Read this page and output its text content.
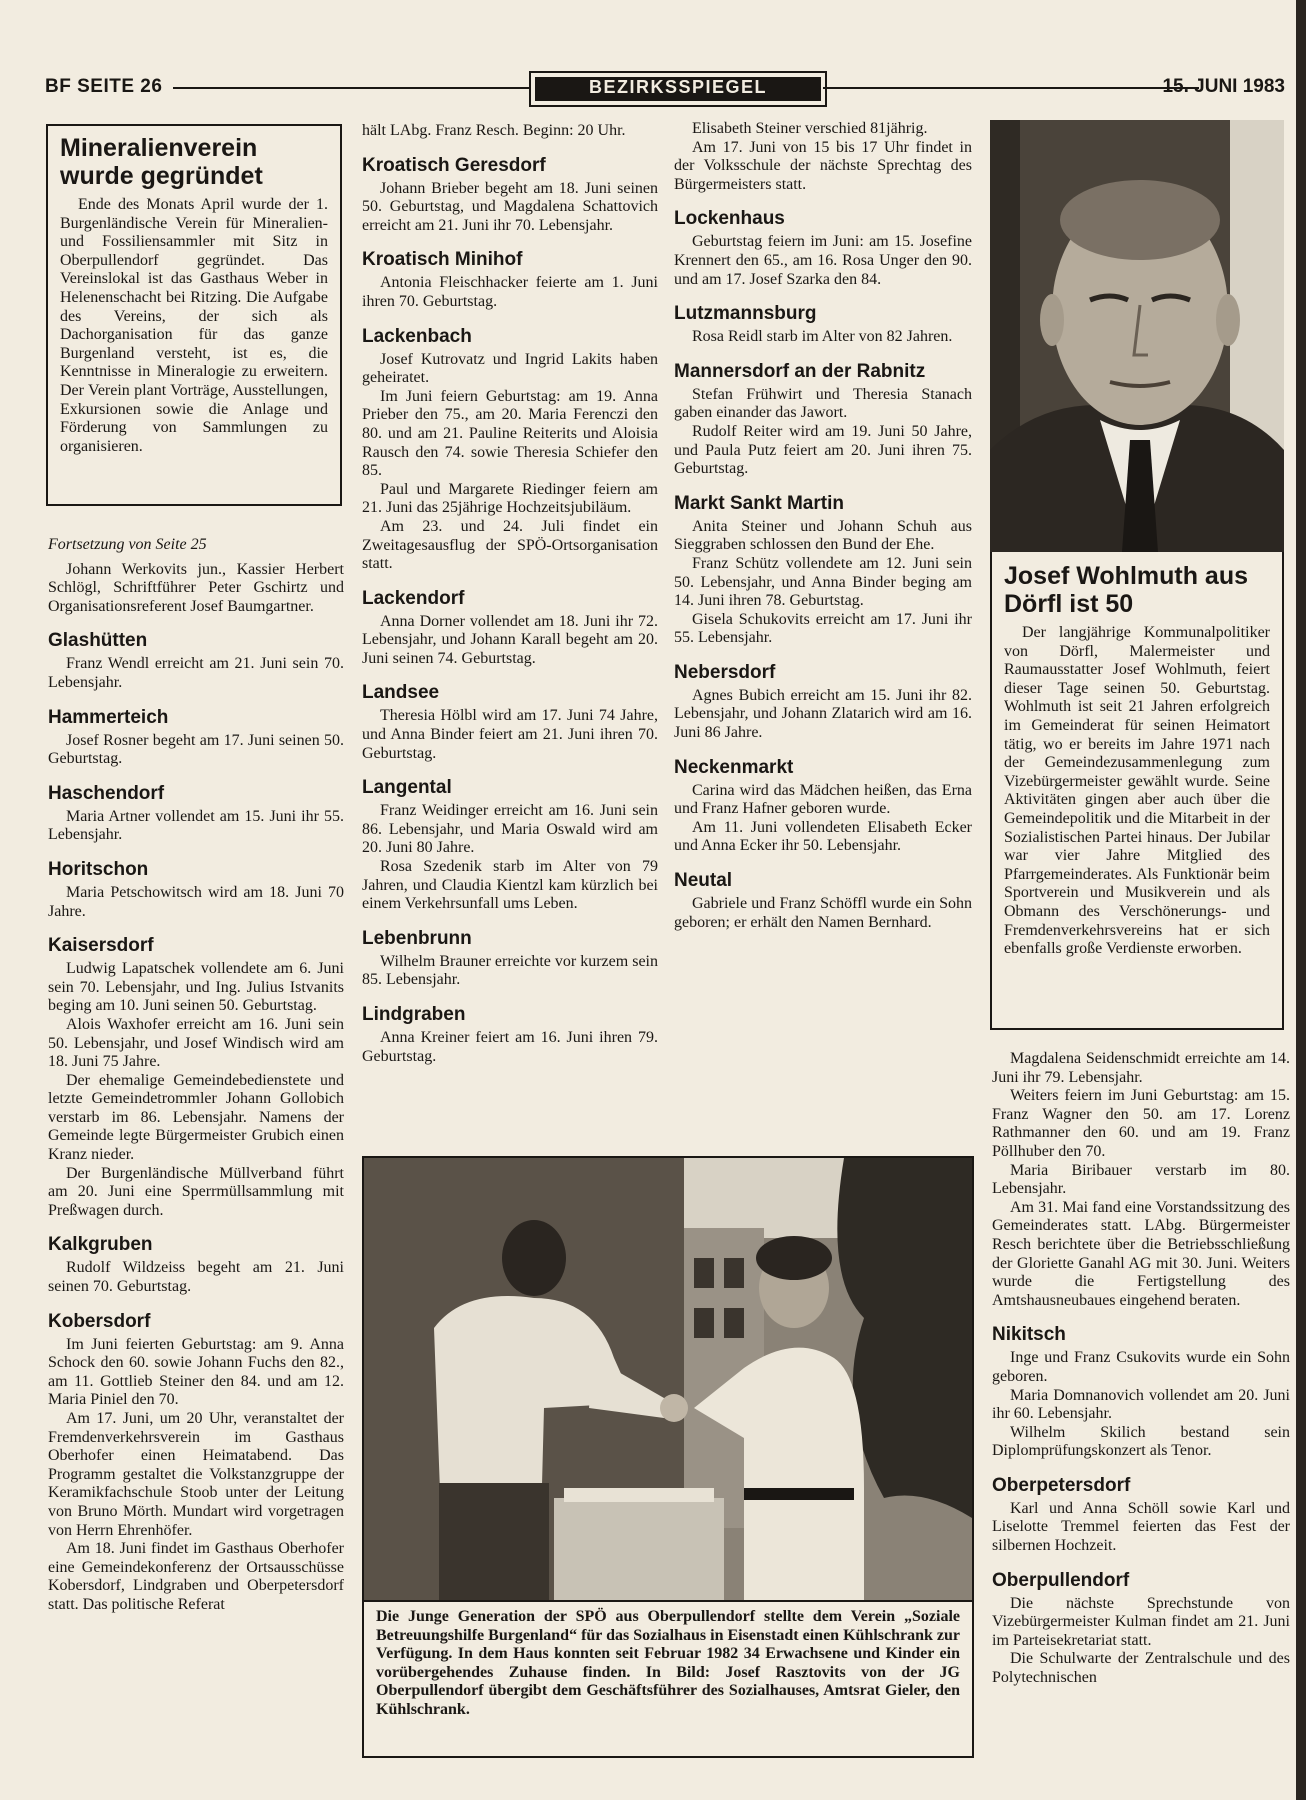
BF SEITE 26	BEZIRKSSPIEGEL	15. JUNI 1983
Mineralienverein wurde gegründet

Ende des Monats April wurde der 1. Burgenländische Verein für Mineralien- und Fossiliensammler mit Sitz in Oberpullendorf gegründet. Das Vereinslokal ist das Gasthaus Weber in Helenenschacht bei Ritzing. Die Aufgabe des Vereins, der sich als Dachorganisation für das ganze Burgenland versteht, ist es, die Kenntnisse in Mineralogie zu erweitern. Der Verein plant Vorträge, Ausstellungen, Exkursionen sowie die Anlage und Förderung von Sammlungen zu organisieren.

Fortsetzung von Seite 25

Johann Werkovits jun., Kassier Herbert Schlögl, Schriftführer Peter Gschirtz und Organisationsreferent Josef Baumgartner.

Glashütten

Franz Wendl erreicht am 21. Juni sein 70. Lebensjahr.

Hammerteich

Josef Rosner begeht am 17. Juni seinen 50. Geburtstag.

Haschendorf

Maria Artner vollendet am 15. Juni ihr 55. Lebensjahr.

Horitschon

Maria Petschowitsch wird am 18. Juni 70 Jahre.

Kaisersdorf

Ludwig Lapatschek vollendete am 6. Juni sein 70. Lebensjahr, und Ing. Julius Istvanits beging am 10. Juni seinen 50. Geburtstag.

Alois Waxhofer erreicht am 16. Juni sein 50. Lebensjahr, und Josef Windisch wird am 18. Juni 75 Jahre.

Der ehemalige Gemeindebedienstete und letzte Gemeindetrommler Johann Gollobich verstarb im 86. Lebensjahr. Namens der Gemeinde legte Bürgermeister Grubich einen Kranz nieder.

Der Burgenländische Müllverband führt am 20. Juni eine Sperrmüllsammlung mit Preßwagen durch.

Kalkgruben

Rudolf Wildzeiss begeht am 21. Juni seinen 70. Geburtstag.

Kobersdorf

Im Juni feierten Geburtstag: am 9. Anna Schock den 60. sowie Johann Fuchs den 82., am 11. Gottlieb Steiner den 84. und am 12. Maria Piniel den 70.

Am 17. Juni, um 20 Uhr, veranstaltet der Fremdenverkehrsverein im Gasthaus Oberhofer einen Heimatabend. Das Programm gestaltet die Volkstanzgruppe der Keramikfachschule Stoob unter der Leitung von Bruno Mörth. Mundart wird vorgetragen von Herrn Ehrenhöfer.

Am 18. Juni findet im Gasthaus Oberhofer eine Gemeindekonferenz der Ortsausschüsse Kobersdorf, Lindgraben und Oberpetersdorf statt. Das politische Referat

hält LAbg. Franz Resch. Beginn: 20 Uhr.

Kroatisch Geresdorf

Johann Brieber begeht am 18. Juni seinen 50. Geburtstag, und Magdalena Schattovich erreicht am 21. Juni ihr 70. Lebensjahr.

Kroatisch Minihof

Antonia Fleischhacker feierte am 1. Juni ihren 70. Geburtstag.

Lackenbach

Josef Kutrovatz und Ingrid Lakits haben geheiratet.

Im Juni feiern Geburtstag: am 19. Anna Prieber den 75., am 20. Maria Ferenczi den 80. und am 21. Pauline Reiterits und Aloisia Rausch den 74. sowie Theresia Schiefer den 85.

Paul und Margarete Riedinger feiern am 21. Juni das 25jährige Hochzeitsjubiläum.

Am 23. und 24. Juli findet ein Zweitagesausflug der SPÖ-Ortsorganisation statt.

Lackendorf

Anna Dorner vollendet am 18. Juni ihr 72. Lebensjahr, und Johann Karall begeht am 20. Juni seinen 74. Geburtstag.

Landsee

Theresia Hölbl wird am 17. Juni 74 Jahre, und Anna Binder feiert am 21. Juni ihren 70. Geburtstag.

Langental

Franz Weidinger erreicht am 16. Juni sein 86. Lebensjahr, und Maria Oswald wird am 20. Juni 80 Jahre.

Rosa Szedenik starb im Alter von 79 Jahren, und Claudia Kientzl kam kürzlich bei einem Verkehrsunfall ums Leben.

Lebenbrunn

Wilhelm Brauner erreichte vor kurzem sein 85. Lebensjahr.

Lindgraben

Anna Kreiner feiert am 16. Juni ihren 79. Geburtstag.

Elisabeth Steiner verschied 81jährig.

Am 17. Juni von 15 bis 17 Uhr findet in der Volksschule der nächste Sprechtag des Bürgermeisters statt.

Lockenhaus

Geburtstag feiern im Juni: am 15. Josefine Krennert den 65., am 16. Rosa Unger den 90. und am 17. Josef Szarka den 84.

Lutzmannsburg

Rosa Reidl starb im Alter von 82 Jahren.

Mannersdorf an der Rabnitz

Stefan Frühwirt und Theresia Stanach gaben einander das Jawort.

Rudolf Reiter wird am 19. Juni 50 Jahre, und Paula Putz feiert am 20. Juni ihren 75. Geburtstag.

Markt Sankt Martin

Anita Steiner und Johann Schuh aus Sieggraben schlossen den Bund der Ehe.

Franz Schütz vollendete am 12. Juni sein 50. Lebensjahr, und Anna Binder beging am 14. Juni ihren 78. Geburtstag.

Gisela Schukovits erreicht am 17. Juni ihr 55. Lebensjahr.

Nebersdorf

Agnes Bubich erreicht am 15. Juni ihr 82. Lebensjahr, und Johann Zlatarich wird am 16. Juni 86 Jahre.

Neckenmarkt

Carina wird das Mädchen heißen, das Erna und Franz Hafner geboren wurde.

Am 11. Juni vollendeten Elisabeth Ecker und Anna Ecker ihr 50. Lebensjahr.

Neutal

Gabriele und Franz Schöffl wurde ein Sohn geboren; er erhält den Namen Bernhard.

Josef Wohlmuth aus Dörfl ist 50

Der langjährige Kommunalpolitiker von Dörfl, Malermeister und Raumausstatter Josef Wohlmuth, feiert dieser Tage seinen 50. Geburtstag. Wohlmuth ist seit 21 Jahren erfolgreich im Gemeinderat für seinen Heimatort tätig, wo er bereits im Jahre 1971 nach der Gemeindezusammenlegung zum Vizebürgermeister gewählt wurde. Seine Aktivitäten gingen aber auch über die Gemeindepolitik und die Mitarbeit in der Sozialistischen Partei hinaus. Der Jubilar war vier Jahre Mitglied des Pfarrgemeinderates. Als Funktionär beim Sportverein und Musikverein und als Obmann des Verschönerungs- und Fremdenverkehrsvereins hat er sich ebenfalls große Verdienste erworben.

Magdalena Seidenschmidt erreichte am 14. Juni ihr 79. Lebensjahr.

Weiters feiern im Juni Geburtstag: am 15. Franz Wagner den 50. am 17. Lorenz Rathmanner den 60. und am 19. Franz Pöllhuber den 70.

Maria Biribauer verstarb im 80. Lebensjahr.

Am 31. Mai fand eine Vorstandssitzung des Gemeinderates statt. LAbg. Bürgermeister Resch berichtete über die Betriebsschließung der Gloriette Ganahl AG mit 30. Juni. Weiters wurde die Fertigstellung des Amtshausneubaues eingehend beraten.

Nikitsch

Inge und Franz Csukovits wurde ein Sohn geboren.

Maria Domnanovich vollendet am 20. Juni ihr 60. Lebensjahr.

Wilhelm Skilich bestand sein Diplomprüfungskonzert als Tenor.

Oberpetersdorf

Karl und Anna Schöll sowie Karl und Liselotte Tremmel feierten das Fest der silbernen Hochzeit.

Oberpullendorf

Die nächste Sprechstunde von Vizebürgermeister Kulman findet am 21. Juni im Parteisekretariat statt.

Die Schulwarte der Zentralschule und des Polytechnischen

Die Junge Generation der SPÖ aus Oberpullendorf stellte dem Verein „Soziale Betreuungshilfe Burgenland“ für das Sozialhaus in Eisenstadt einen Kühlschrank zur Verfügung. In dem Haus konnten seit Februar 1982 34 Erwachsene und Kinder ein vorübergehendes Zuhause finden. In Bild: Josef Rasztovits von der JG Oberpullendorf übergibt dem Geschäftsführer des Sozialhauses, Amtsrat Gieler, den Kühlschrank.
